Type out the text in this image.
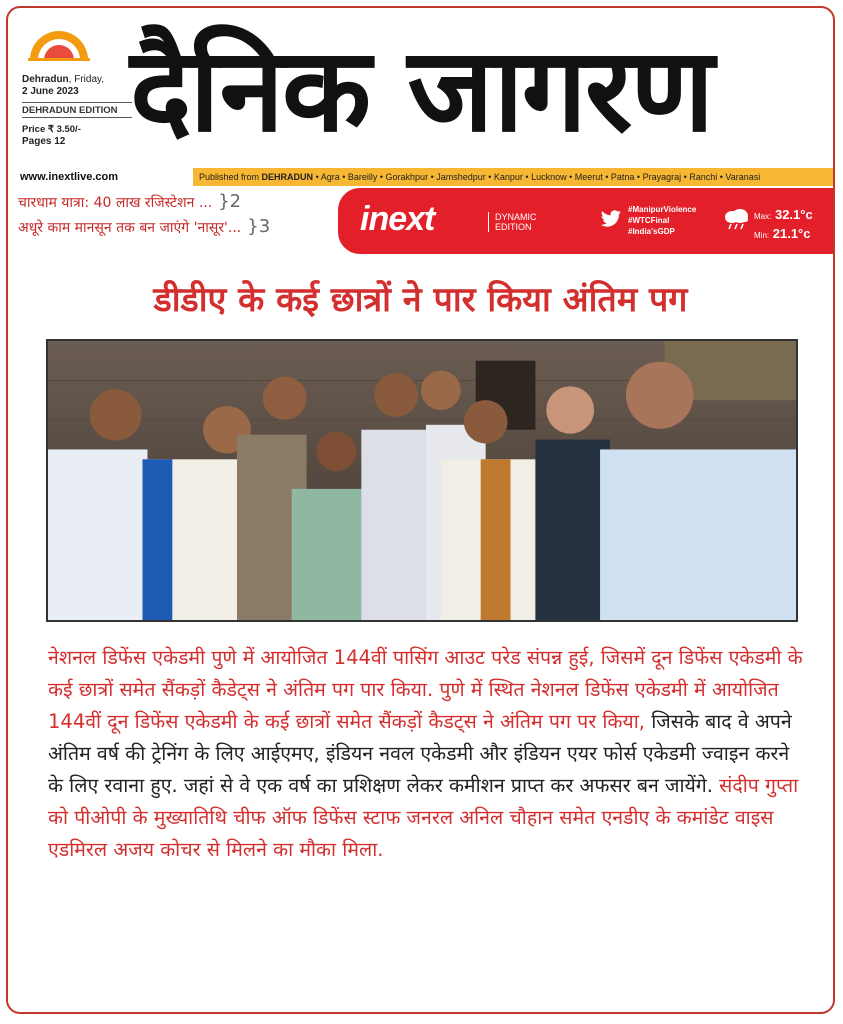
Dehradun, Friday,
2 June 2023
DEHRADUN EDITION
Price ₹ 3.50/-
Pages 12 दैनिक जागरण
www.inextlive.com	Published from DEHRADUN • Agra • Bareilly • Gorakhpur • Jamshedpur • Kanpur • Lucknow • Meerut • Patna • Prayagraj • Ranchi • Varanasi
चारधाम यात्रा: 40 लाख रजिस्टेशन ... }2
अधूरे काम मानसून तक बन जाएंगे 'नासूर'... }3	inext	DYNAMIC
EDITION
#ManipurViolence
#WTCFinal
#India'sGDP
Max: 32.1°c
Min: 21.1°c
डीडीए के कई छात्रों ने पार किया अंतिम पग
नेशनल डिफेंस एकेडमी पुणे में आयोजित 144वीं पासिंग आउट परेड संपन्न हुई, जिसमें दून डिफेंस एकेडमी के कई छात्रों समेत सैंकड़ों कैडेट्स ने अंतिम पग पार किया. पुणे में स्थित नेशनल डिफेंस एकेडमी में आयोजित 144वीं दून डिफेंस एकेडमी के कई छात्रों समेत सैंकड़ों कैडट्स ने अंतिम पग पर किया, जिसके बाद वे अपने अंतिम वर्ष की ट्रेनिंग के लिए आईएमए, इंडियन नवल एकेडमी और इंडियन एयर फोर्स एकेडमी ज्वाइन करने के लिए रवाना हुए. जहां से वे एक वर्ष का प्रशिक्षण लेकर कमीशन प्राप्त कर अफसर बन जायेंगे. संदीप गुप्ता को पीओपी के मुख्यातिथि चीफ ऑफ डिफेंस स्टाफ जनरल अनिल चौहान समेत एनडीए के कमांडेट वाइस एडमिरल अजय कोचर से मिलने का मौका मिला.
